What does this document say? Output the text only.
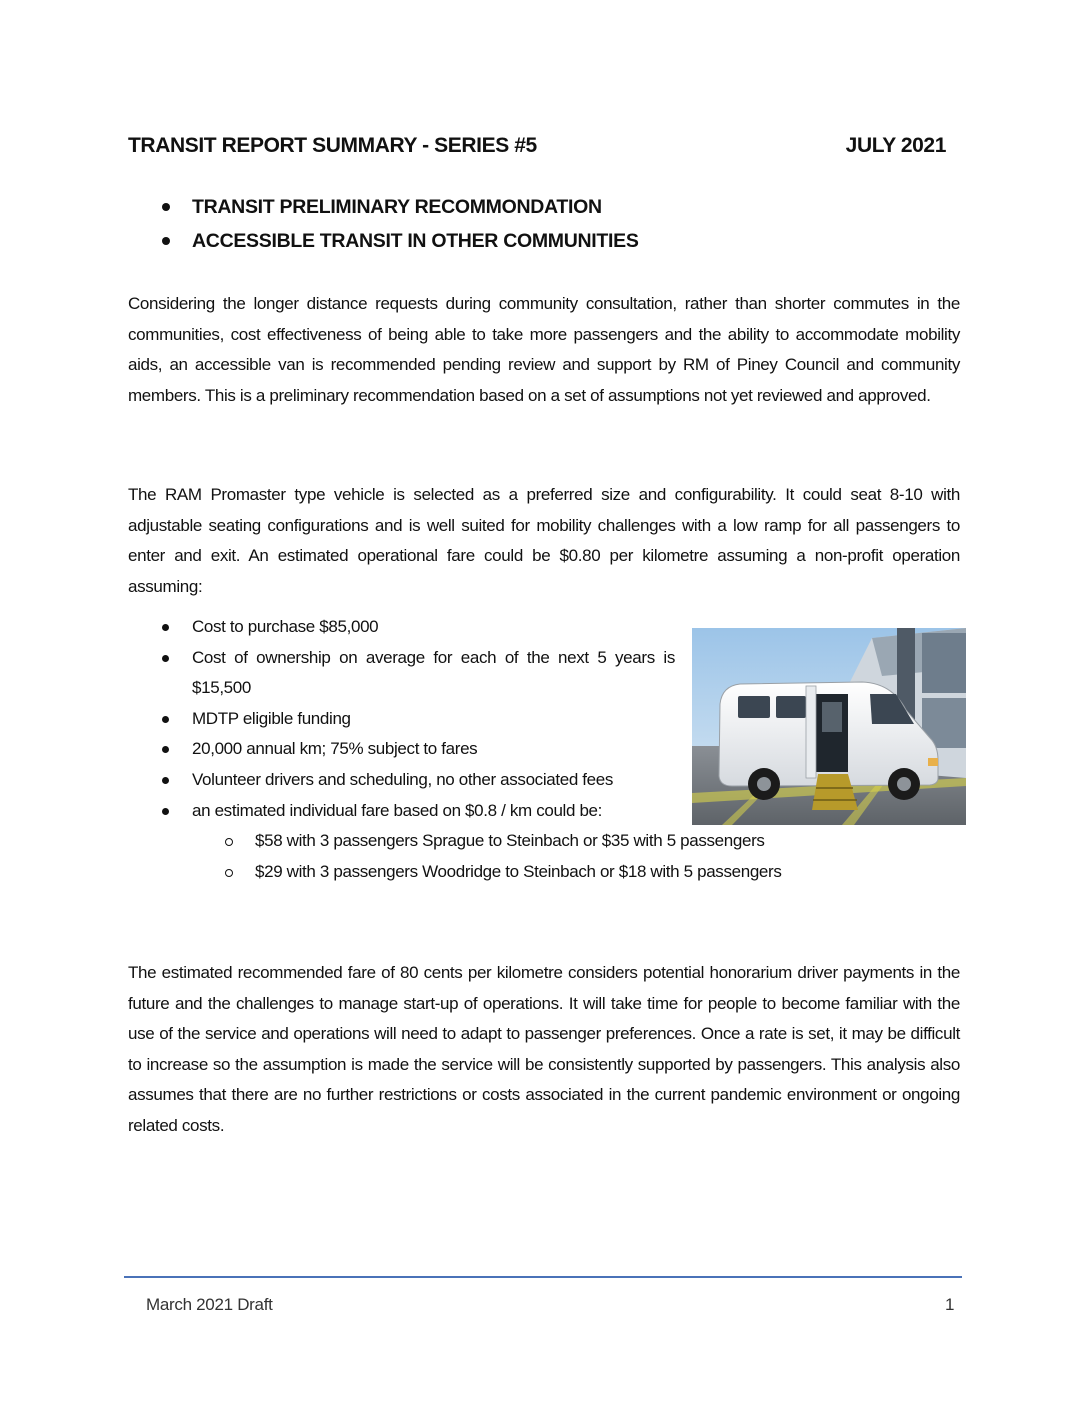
TRANSIT REPORT SUMMARY - SERIES #5	JULY 2021
TRANSIT PRELIMINARY RECOMMONDATION
ACCESSIBLE TRANSIT IN OTHER COMMUNITIES

Considering the longer distance requests during community consultation, rather than shorter commutes in the communities, cost effectiveness of being able to take more passengers and the ability to accommodate mobility aids, an accessible van is recommended pending review and support by RM of Piney Council and community members. This is a preliminary recommendation based on a set of assumptions not yet reviewed and approved.

The RAM Promaster type vehicle is selected as a preferred size and configurability. It could seat 8-10 with adjustable seating configurations and is well suited for mobility challenges with a low ramp for all passengers to enter and exit. An estimated operational fare could be $0.80 per kilometre assuming a non-profit operation assuming:

Cost to purchase $85,000
Cost of ownership on average for each of the next 5 years is $15,500
MDTP eligible funding
20,000 annual km; 75% subject to fares
Volunteer drivers and scheduling, no other associated fees
an estimated individual fare based on $0.8 / km could be:
$58 with 3 passengers Sprague to Steinbach or $35 with 5 passengers
$29 with 3 passengers Woodridge to Steinbach or $18 with 5 passengers

The estimated recommended fare of 80 cents per kilometre considers potential honorarium driver payments in the future and the challenges to manage start-up of operations. It will take time for people to become familiar with the use of the service and operations will need to adapt to passenger preferences. Once a rate is set, it may be difficult to increase so the assumption is made the service will be consistently supported by passengers. This analysis also assumes that there are no further restrictions or costs associated in the current pandemic environment or ongoing related costs.

March 2021 Draft	1
